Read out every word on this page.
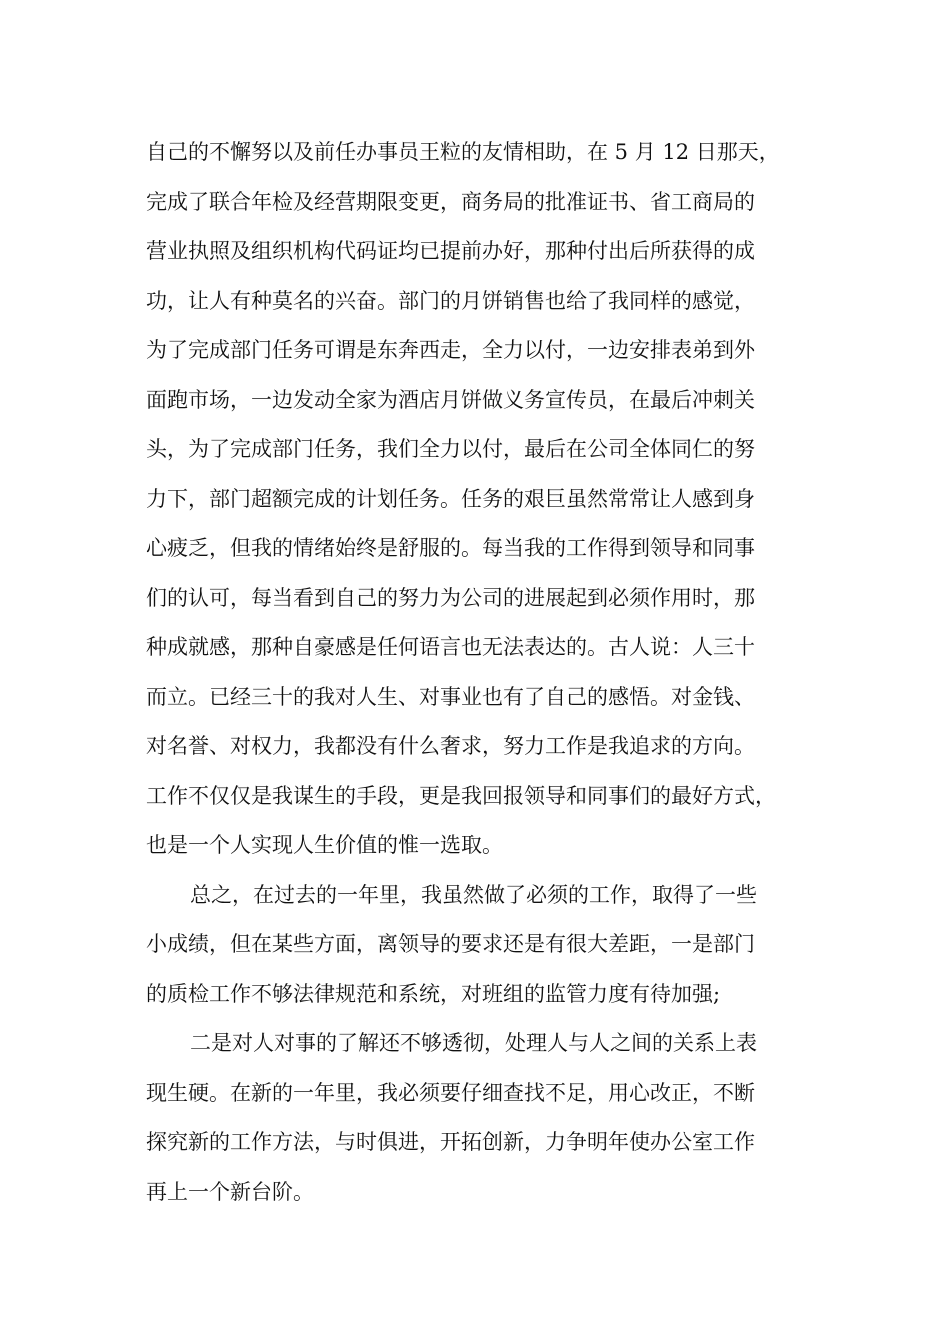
自己的不懈努以及前任办事员王粒的友情相助，在 5 月 12 日那天，
完成了联合年检及经营期限变更，商务局的批准证书、省工商局的
营业执照及组织机构代码证均已提前办好，那种付出后所获得的成
功，让人有种莫名的兴奋。部门的月饼销售也给了我同样的感觉，
为了完成部门任务可谓是东奔西走，全力以付，一边安排表弟到外
面跑市场，一边发动全家为酒店月饼做义务宣传员，在最后冲刺关
头，为了完成部门任务，我们全力以付，最后在公司全体同仁的努
力下，部门超额完成的计划任务。任务的艰巨虽然常常让人感到身
心疲乏，但我的情绪始终是舒服的。每当我的工作得到领导和同事
们的认可，每当看到自己的努力为公司的进展起到必须作用时，那
种成就感，那种自豪感是任何语言也无法表达的。古人说：人三十
而立。已经三十的我对人生、对事业也有了自己的感悟。对金钱、
对名誉、对权力，我都没有什么奢求，努力工作是我追求的方向。
工作不仅仅是我谋生的手段，更是我回报领导和同事们的最好方式，
也是一个人实现人生价值的惟一选取。
总之，在过去的一年里，我虽然做了必须的工作，取得了一些
小成绩，但在某些方面，离领导的要求还是有很大差距，一是部门
的质检工作不够法律规范和系统，对班组的监管力度有待加强;
二是对人对事的了解还不够透彻，处理人与人之间的关系上表
现生硬。在新的一年里，我必须要仔细查找不足，用心改正，不断
探究新的工作方法，与时俱进，开拓创新，力争明年使办公室工作
再上一个新台阶。
